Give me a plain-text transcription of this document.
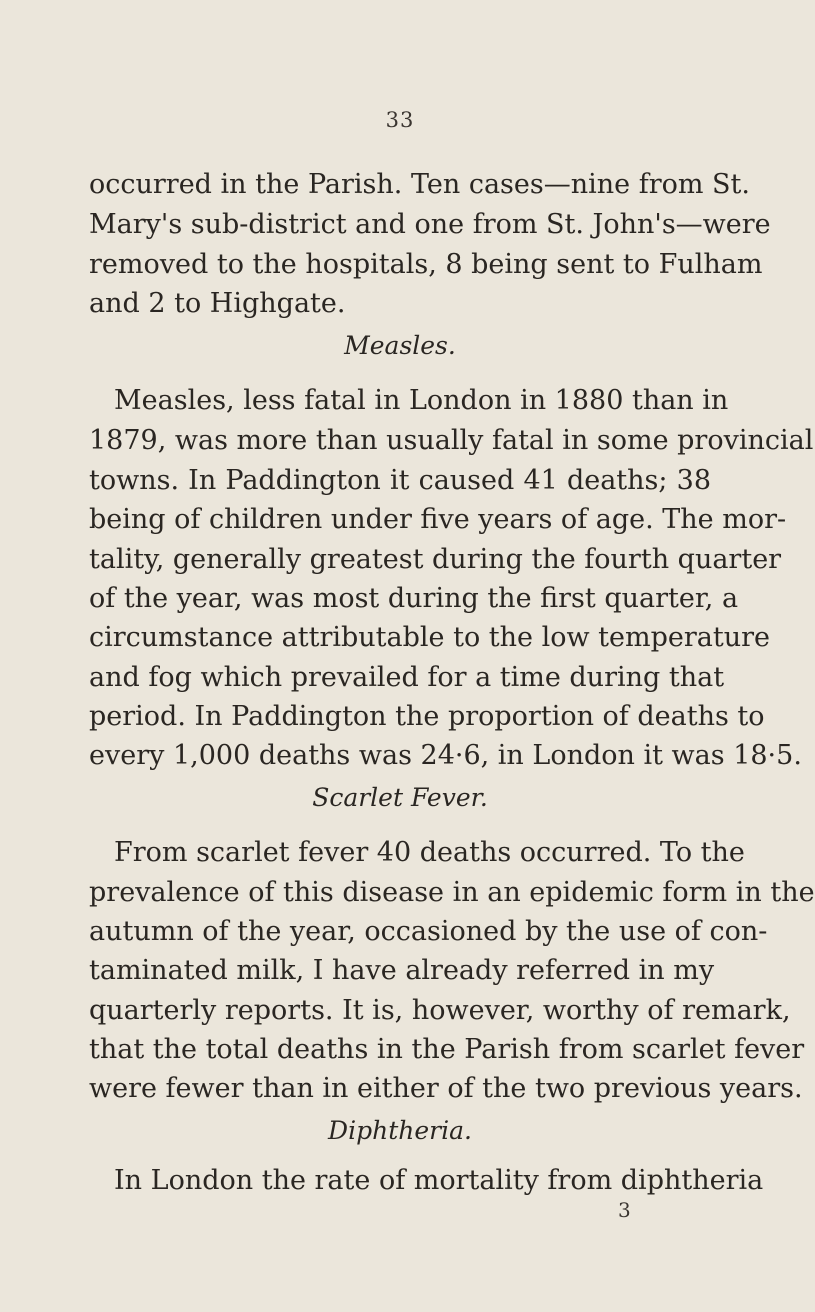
33
occurred in the Parish. Ten cases—nine from St.
Mary's sub-district and one from St. John's—were
removed to the hospitals, 8 being sent to Fulham
and 2 to Highgate.
Measles.
Measles, less fatal in London in 1880 than in
1879, was more than usually fatal in some provincial
towns. In Paddington it caused 41 deaths; 38
being of children under five years of age. The mor-
tality, generally greatest during the fourth quarter
of the year, was most during the first quarter, a
circumstance attributable to the low temperature
and fog which prevailed for a time during that
period. In Paddington the proportion of deaths to
every 1,000 deaths was 24·6, in London it was 18·5.
Scarlet Fever.
From scarlet fever 40 deaths occurred. To the
prevalence of this disease in an epidemic form in the
autumn of the year, occasioned by the use of con-
taminated milk, I have already referred in my
quarterly reports. It is, however, worthy of remark,
that the total deaths in the Parish from scarlet fever
were fewer than in either of the two previous years.
Diphtheria.
In London the rate of mortality from diphtheria
3
